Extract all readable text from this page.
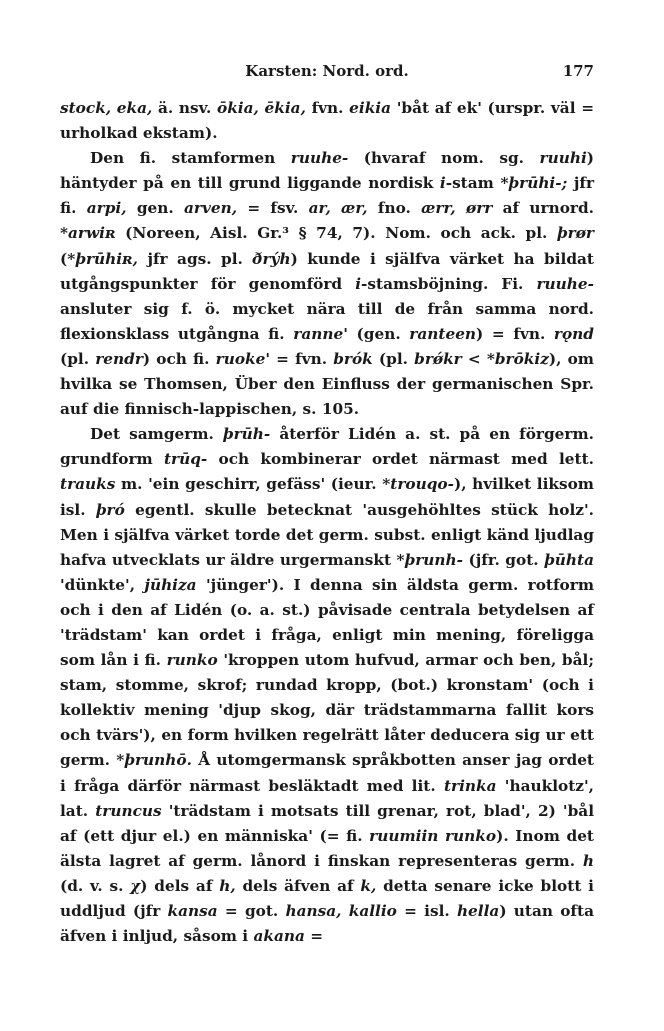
Karsten: Nord. ord.	177

stock, eka, ä. nsv. ōkia, ēkia, fvn. eikia 'båt af ek' (urspr. väl = urholkad ekstam).

Den fi. stamformen ruuhe- (hvaraf nom. sg. ruuhi) häntyder på en till grund liggande nordisk i-stam *þrūhi-; jfr fi. arpi, gen. arven, = fsv. ar, ær, fno. ærr, ørr af urnord. *arwiʀ (Noreen, Aisl. Gr.³ § 74, 7). Nom. och ack. pl. þrør (*þrūhiʀ, jfr ags. pl. ðrýh) kunde i själfva värket ha bildat utgångspunkter för genomförd i-stamsböjning. Fi. ruuhe-ansluter sig f. ö. mycket nära till de från samma nord. flexionsklass utgångna fi. ranne' (gen. ranteen) = fvn. rǫnd (pl. rendr) och fi. ruoke' = fvn. brók (pl. brǿkr < *brōkiz), om hvilka se Thomsen, Über den Einfluss der germanischen Spr. auf die finnisch-lappischen, s. 105.

Det samgerm. þrūh- återför Lidén a. st. på en förgerm. grundform trūq- och kombinerar ordet närmast med lett. trauks m. 'ein geschirr, gefäss' (ieur. *trouqo-), hvilket liksom isl. þró egentl. skulle betecknat 'ausgehöhltes stück holz'. Men i själfva värket torde det germ. subst. enligt känd ljudlag hafva utvecklats ur äldre urgermanskt *þrunh- (jfr. got. þūhta 'dünkte', jūhiza 'jünger'). I denna sin äldsta germ. rotform och i den af Lidén (o. a. st.) påvisade centrala betydelsen af 'trädstam' kan ordet i fråga, enligt min mening, föreligga som lån i fi. runko 'kroppen utom hufvud, armar och ben, bål; stam, stomme, skrof; rundad kropp, (bot.) kronstam' (och i kollektiv mening 'djup skog, där trädstammarna fallit kors och tvärs'), en form hvilken regelrätt låter deducera sig ur ett germ. *þrunhō. Å utomgermansk språkbotten anser jag ordet i fråga därför närmast besläktadt med lit. trinka 'hauklotz', lat. truncus 'trädstam i motsats till grenar, rot, blad', 2) 'bål af (ett djur el.) en människa' (= fi. ruumiin runko). Inom det älsta lagret af germ. lånord i finskan representeras germ. h (d. v. s. χ) dels af h, dels äfven af k, detta senare icke blott i uddljud (jfr kansa = got. hansa, kallio = isl. hella) utan ofta äfven i inljud, såsom i akana =
